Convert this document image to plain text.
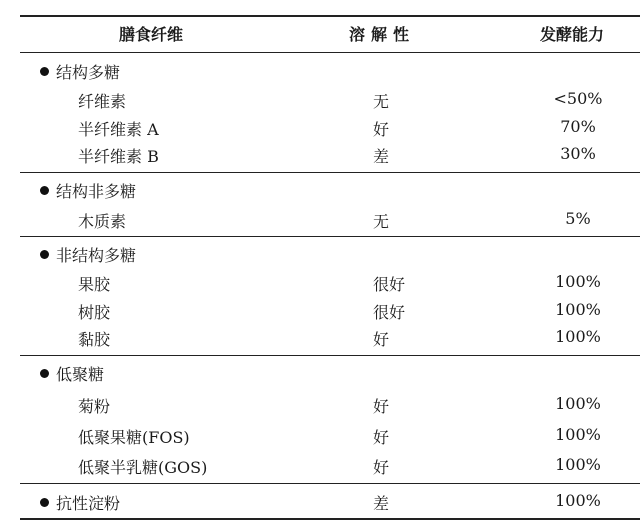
膳食纤维	溶解性	发酵能力
结构多糖
纤维素	无	<50%
半纤维素 A	好	70%
半纤维素 B	差	30%
结构非多糖
木质素	无	5%
非结构多糖
果胶	很好	100%
树胶	很好	100%
黏胶	好	100%
低聚糖
菊粉	好	100%
低聚果糖(FOS)	好	100%
低聚半乳糖(GOS)	好	100%
抗性淀粉	差	100%
